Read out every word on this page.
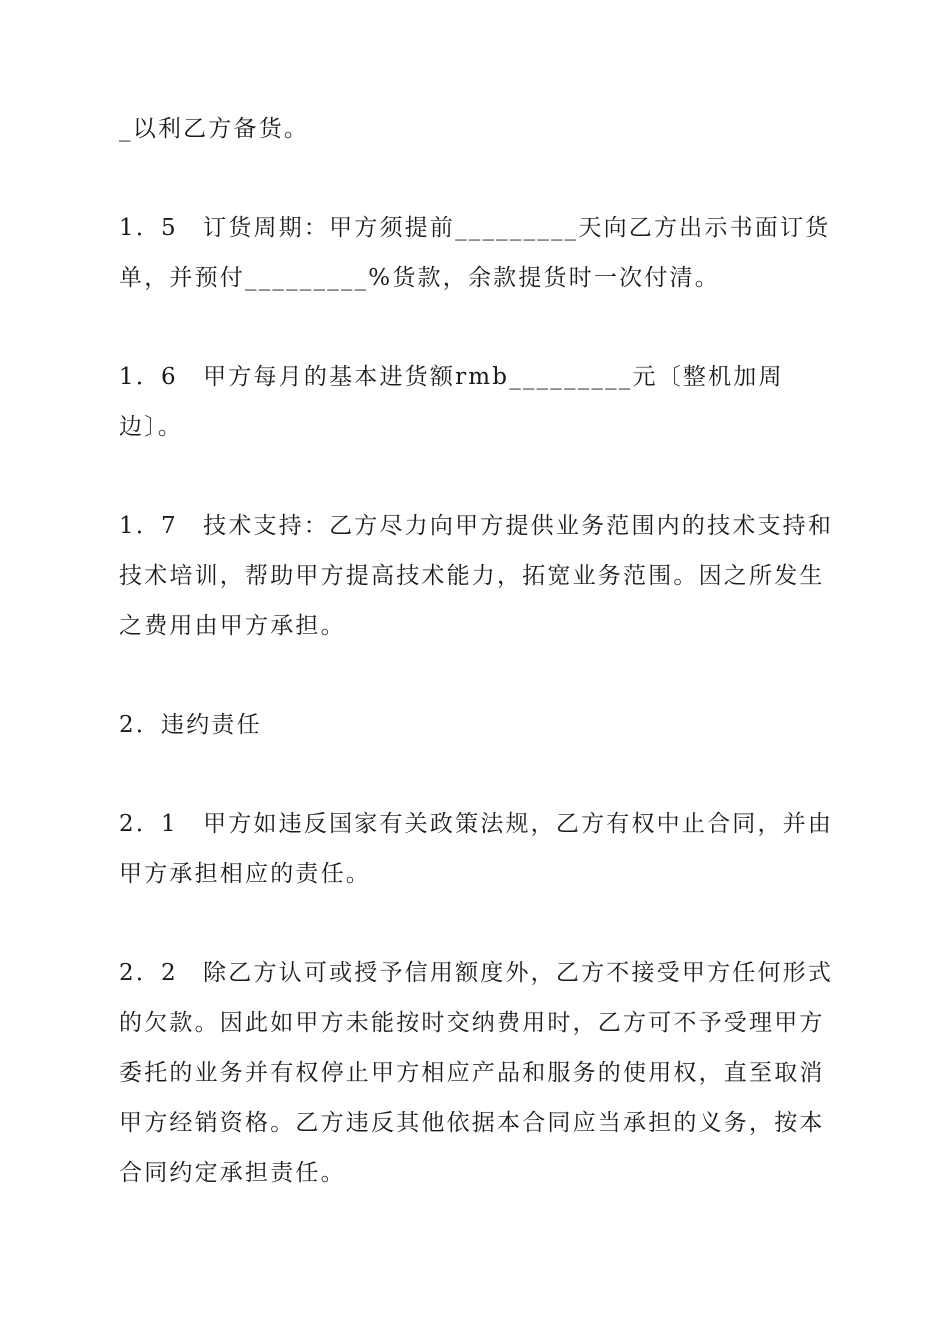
_以利乙方备货。

1．5　订货周期：甲方须提前_________天向乙方出示书面订货单，并预付_________%货款，余款提货时一次付清。

1．6　甲方每月的基本进货额rmb_________元〔整机加周边〕。

1．7　技术支持：乙方尽力向甲方提供业务范围内的技术支持和技术培训，帮助甲方提高技术能力，拓宽业务范围。因之所发生之费用由甲方承担。

2．违约责任

2．1　甲方如违反国家有关政策法规，乙方有权中止合同，并由甲方承担相应的责任。

2．2　除乙方认可或授予信用额度外，乙方不接受甲方任何形式的欠款。因此如甲方未能按时交纳费用时，乙方可不予受理甲方委托的业务并有权停止甲方相应产品和服务的使用权，直至取消甲方经销资格。乙方违反其他依据本合同应当承担的义务，按本合同约定承担责任。
